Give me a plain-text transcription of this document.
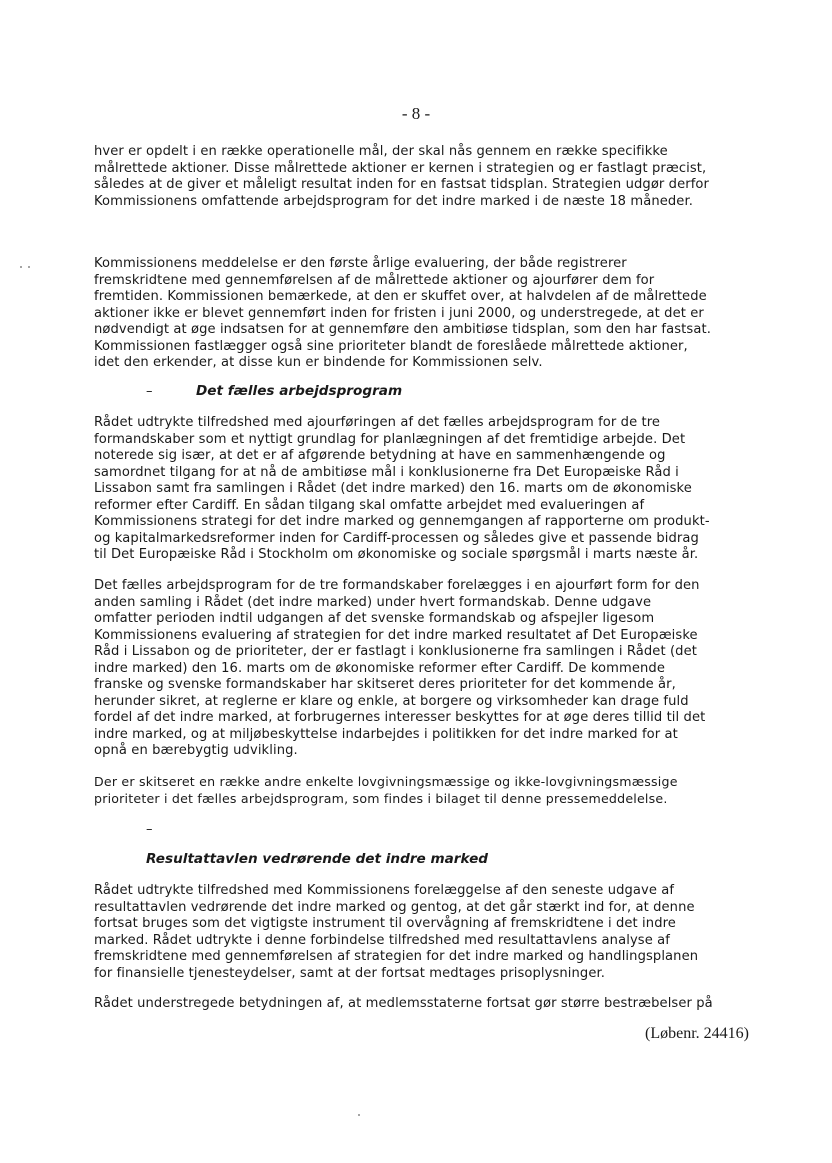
- 8 -

hver er opdelt i en række operationelle mål, der skal nås gennem en række specifikke
målrettede aktioner. Disse målrettede aktioner er kernen i strategien og er fastlagt præcist,
således at de giver et måleligt resultat inden for en fastsat tidsplan. Strategien udgør derfor
Kommissionens omfattende arbejdsprogram for det indre marked i de næste 18 måneder.

Kommissionens meddelelse er den første årlige evaluering, der både registrerer
fremskridtene med gennemførelsen af de målrettede aktioner og ajourfører dem for
fremtiden. Kommissionen bemærkede, at den er skuffet over, at halvdelen af de målrettede
aktioner ikke er blevet gennemført inden for fristen i juni 2000, og understregede, at det er
nødvendigt at øge indsatsen for at gennemføre den ambitiøse tidsplan, som den har fastsat.
Kommissionen fastlægger også sine prioriteter blandt de foreslåede målrettede aktioner,
idet den erkender, at disse kun er bindende for Kommissionen selv.

–	Det fælles arbejdsprogram

Rådet udtrykte tilfredshed med ajourføringen af det fælles arbejdsprogram for de tre
formandskaber som et nyttigt grundlag for planlægningen af det fremtidige arbejde. Det
noterede sig især, at det er af afgørende betydning at have en sammenhængende og
samordnet tilgang for at nå de ambitiøse mål i konklusionerne fra Det Europæiske Råd i
Lissabon samt fra samlingen i Rådet (det indre marked) den 16. marts om de økonomiske
reformer efter Cardiff. En sådan tilgang skal omfatte arbejdet med evalueringen af
Kommissionens strategi for det indre marked og gennemgangen af rapporterne om produkt-
og kapitalmarkedsreformer inden for Cardiff-processen og således give et passende bidrag
til Det Europæiske Råd i Stockholm om økonomiske og sociale spørgsmål i marts næste år.

Det fælles arbejdsprogram for de tre formandskaber forelægges i en ajourført form for den
anden samling i Rådet (det indre marked) under hvert formandskab. Denne udgave
omfatter perioden indtil udgangen af det svenske formandskab og afspejler ligesom
Kommissionens evaluering af strategien for det indre marked resultatet af Det Europæiske
Råd i Lissabon og de prioriteter, der er fastlagt i konklusionerne fra samlingen i Rådet (det
indre marked) den 16. marts om de økonomiske reformer efter Cardiff. De kommende
franske og svenske formandskaber har skitseret deres prioriteter for det kommende år,
herunder sikret, at reglerne er klare og enkle, at borgere og virksomheder kan drage fuld
fordel af det indre marked, at forbrugernes interesser beskyttes for at øge deres tillid til det
indre marked, og at miljøbeskyttelse indarbejdes i politikken for det indre marked for at
opnå en bærebygtig udvikling.

Der er skitseret en række andre enkelte lovgivningsmæssige og ikke-lovgivningsmæssige
prioriteter i det fælles arbejdsprogram, som findes i bilaget til denne pressemeddelelse.

–
Resultattavlen vedrørende det indre marked

Rådet udtrykte tilfredshed med Kommissionens forelæggelse af den seneste udgave af
resultattavlen vedrørende det indre marked og gentog, at det går stærkt ind for, at denne
fortsat bruges som det vigtigste instrument til overvågning af fremskridtene i det indre
marked. Rådet udtrykte i denne forbindelse tilfredshed med resultattavlens analyse af
fremskridtene med gennemførelsen af strategien for det indre marked og handlingsplanen
for finansielle tjenesteydelser, samt at der fortsat medtages prisoplysninger.

Rådet understregede betydningen af, at medlemsstaterne fortsat gør større bestræbelser på

(Løbenr. 24416)
